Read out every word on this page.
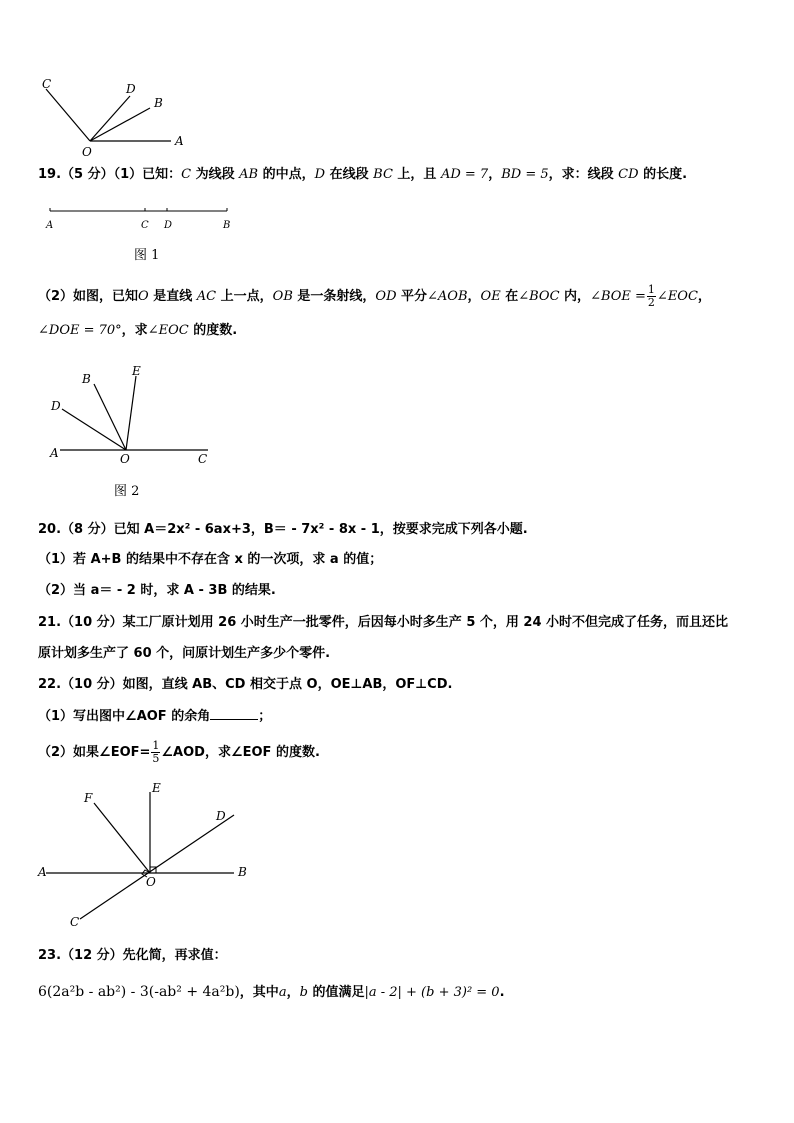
C	D
B
A
O
19.（5 分）（1）已知：C 为线段 AB 的中点，D 在线段 BC 上，且 AD = 7，BD = 5，求：线段 CD 的长度.
A	C D	B
图 1
（2）如图，已知O 是直线 AC 上一点，OB 是一条射线，OD 平分∠AOB，OE 在∠BOC 内，∠BOE = $\frac{1}{2}$ ∠EOC，
∠DOE = 70°，求∠EOC 的度数.
B
E
D
A	O	C
图 2
20.（8 分）已知 A＝2x² - 6ax+3，B＝ - 7x² - 8x - 1，按要求完成下列各小题.
（1）若 A+B 的结果中不存在含 x 的一次项，求 a 的值；
（2）当 a＝ - 2 时，求 A - 3B 的结果.
21.（10 分）某工厂原计划用 26 小时生产一批零件，后因每小时多生产 5 个，用 24 小时不但完成了任务，而且还比
原计划多生产了 60 个，问原计划生产多少个零件.
22.（10 分）如图，直线 AB、CD 相交于点 O，OE⊥AB，OF⊥CD.
（1）写出图中∠AOF 的余角	；
（2）如果∠EOF= $\frac{1}{5}$ ∠AOD，求∠EOF 的度数.
F
E
D
A
O
B
C
23.（12 分）先化简，再求值：
6(2a²b - ab²) - 3(-ab² + 4a²b)，其中a，b 的值满足|a - 2| + (b + 3)² = 0.
